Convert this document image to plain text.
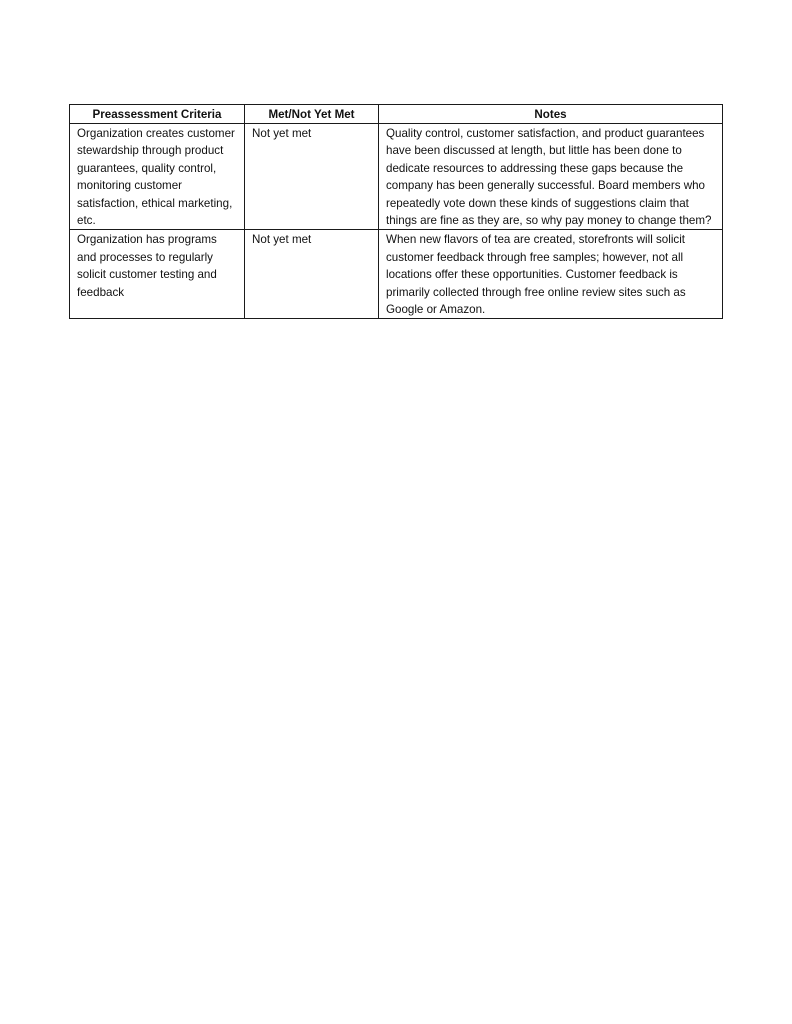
Preassessment Criteria	Met/Not Yet Met	Notes
Organization creates customer stewardship through product guarantees, quality control, monitoring customer satisfaction, ethical marketing, etc.	Not yet met	Quality control, customer satisfaction, and product guarantees have been discussed at length, but little has been done to dedicate resources to addressing these gaps because the company has been generally successful. Board members who repeatedly vote down these kinds of suggestions claim that things are fine as they are, so why pay money to change them?
Organization has programs and processes to regularly solicit customer testing and feedback	Not yet met	When new flavors of tea are created, storefronts will solicit customer feedback through free samples; however, not all locations offer these opportunities. Customer feedback is primarily collected through free online review sites such as Google or Amazon.
